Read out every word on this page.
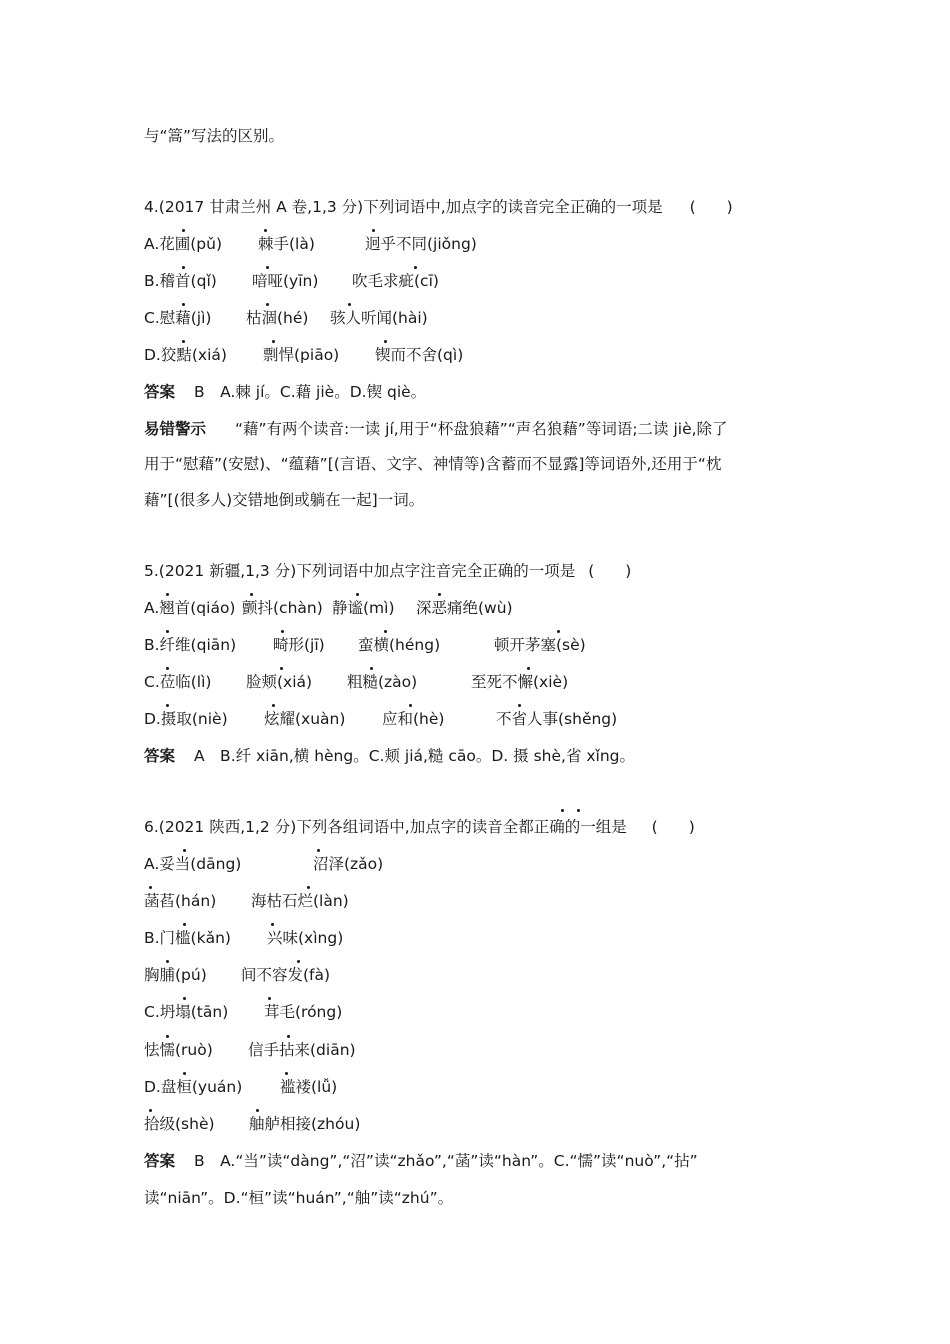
与“篙”写法的区别。
4.(2017 甘肃兰州 A 卷,1,3 分)下列词语中,加点字的读音完全正确的一项是 (　　)
A.花圃(pǔ) 棘手(là)	迥乎不同(jiǒng)
B.稽首(qǐ) 喑哑(yīn) 吹毛求疵(cī)
C.慰藉(jì) 枯涸(hé) 骇人听闻(hài)
D.狡黠(xiá) 剽悍(piāo) 锲而不舍(qì)
答案 B　A.棘 jí。C.藉 jiè。D.锲 qiè。
易错警示 “藉”有两个读音:一读 jí,用于“杯盘狼藉”“声名狼藉”等词语;二读 jiè,除了
用于“慰藉”(安慰)、“蕴藉”[(言语、文字、神情等)含蓄而不显露]等词语外,还用于“枕
藉”[(很多人)交错地倒或躺在一起]一词。
5.(2021 新疆,1,3 分)下列词语中加点字注音完全正确的一项是 (　　)
A.翘首(qiáo) 颤抖(chàn) 静谧(mì) 深恶痛绝(wù)
B.纤维(qiān) 畸形(jī) 蛮横(héng)	顿开茅塞(sè)
C.莅临(lì) 脸颊(xiá) 粗糙(zào)	至死不懈(xiè)
D.摄取(niè) 炫耀(xuàn) 应和(hè)	不省人事(shěng)
答案 A　B.纤 xiān,横 hèng。C.颊 jiá,糙 cāo。D. 摄 shè,省 xǐng。
6.(2021 陕西,1,2 分)下列各组词语中,加点字的读音全都正确的一组是 (　　)
A.妥当(dāng)	沼泽(zǎo)
菡萏(hán) 海枯石烂(làn)
B.门槛(kǎn) 兴味(xìng)
胸脯(pú) 间不容发(fà)
C.坍塌(tān) 茸毛(róng)
怯懦(ruò) 信手拈来(diān)
D.盘桓(yuán) 褴褛(lǚ)
拾级(shè) 舳舻相接(zhóu)
答案 B　A.“当”读“dàng”,“沼”读“zhǎo”,“菡”读“hàn”。C.“懦”读“nuò”,“拈”
读“niān”。D.“桓”读“huán”,“舳”读“zhú”。
